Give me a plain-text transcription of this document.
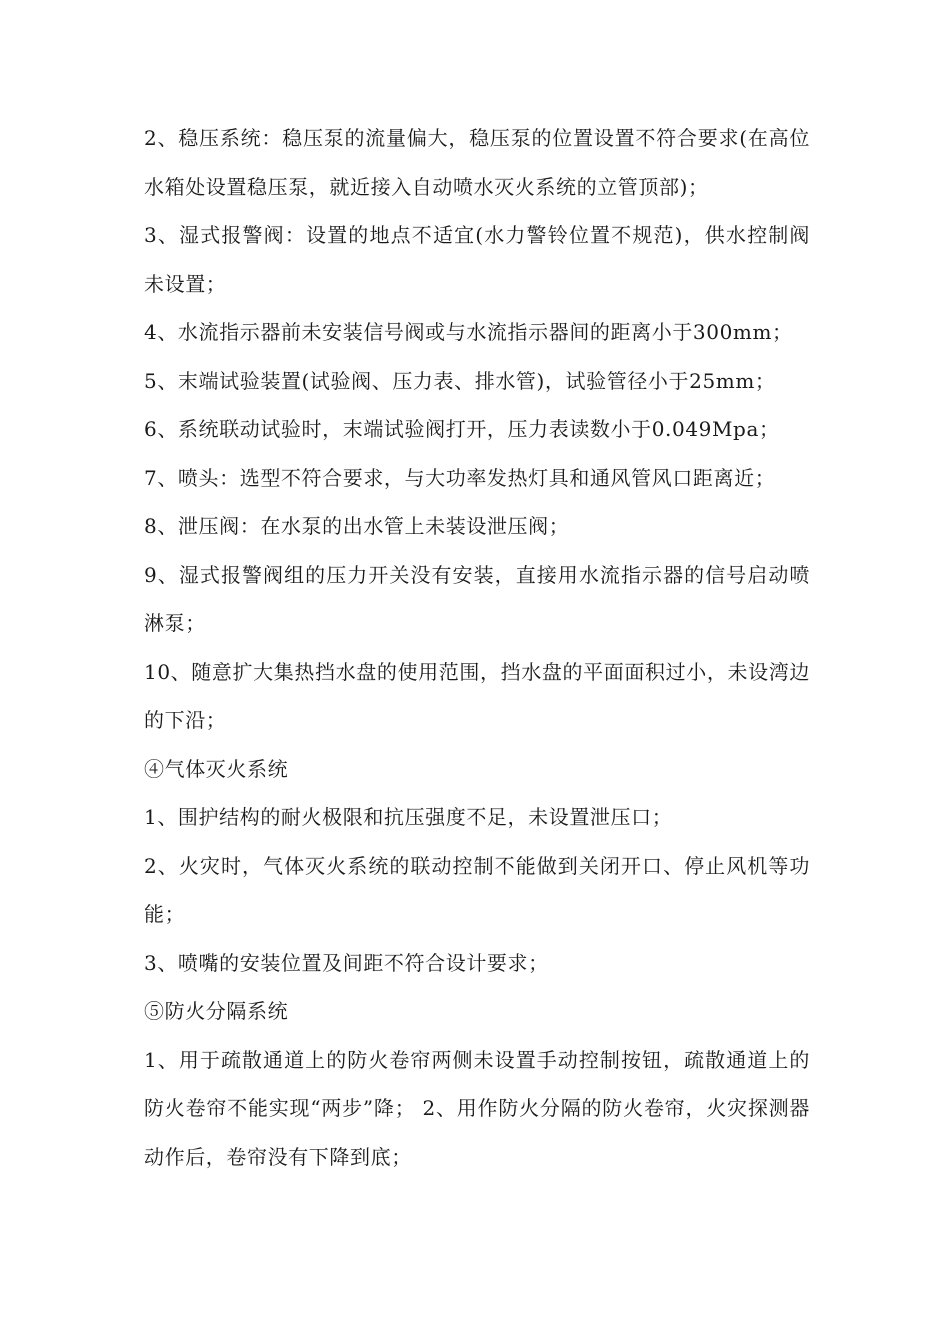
2、稳压系统：稳压泵的流量偏大，稳压泵的位置设置不符合要求(在高位水箱处设置稳压泵，就近接入自动喷水灭火系统的立管顶部)；

3、湿式报警阀：设置的地点不适宜(水力警铃位置不规范)，供水控制阀未设置；

4、水流指示器前未安装信号阀或与水流指示器间的距离小于300mm；

5、末端试验装置(试验阀、压力表、排水管)，试验管径小于25mm；

6、系统联动试验时，末端试验阀打开，压力表读数小于0.049Mpa；

7、喷头：选型不符合要求，与大功率发热灯具和通风管风口距离近；

8、泄压阀：在水泵的出水管上未装设泄压阀；

9、湿式报警阀组的压力开关没有安装，直接用水流指示器的信号启动喷淋泵；

10、随意扩大集热挡水盘的使用范围，挡水盘的平面面积过小，未设湾边的下沿；

④气体灭火系统

1、围护结构的耐火极限和抗压强度不足，未设置泄压口；

2、火灾时，气体灭火系统的联动控制不能做到关闭开口、停止风机等功能；

3、喷嘴的安装位置及间距不符合设计要求；

⑤防火分隔系统

1、用于疏散通道上的防火卷帘两侧未设置手动控制按钮，疏散通道上的防火卷帘不能实现“两步”降； 2、用作防火分隔的防火卷帘，火灾探测器动作后，卷帘没有下降到底；
